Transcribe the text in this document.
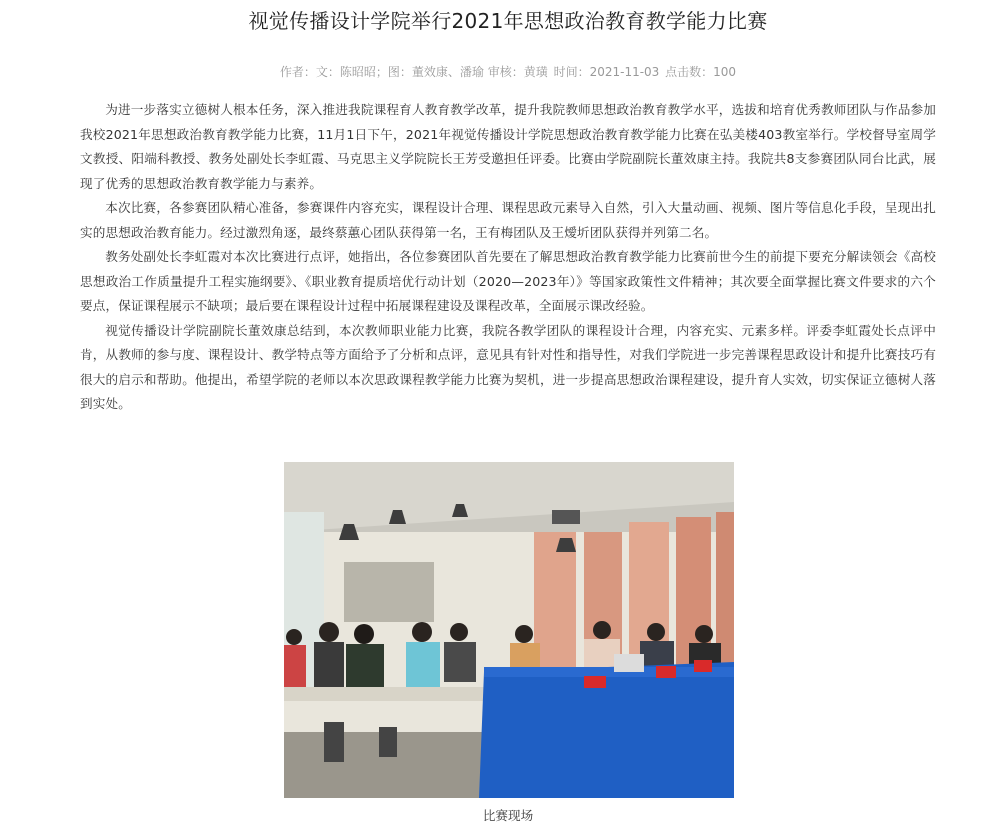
视觉传播设计学院举行2021年思想政治教育教学能力比赛
作者：文：陈昭昭；图：董效康、潘瑜 审核：黄璜 时间：2021-11-03 点击数：100

为进一步落实立德树人根本任务，深入推进我院课程育人教育教学改革，提升我院教师思想政治教育教学水平，选拔和培育优秀教师团队与作品参加我校2021年思想政治教育教学能力比赛，11月1日下午，2021年视觉传播设计学院思想政治教育教学能力比赛在弘美楼403教室举行。学校督导室周学文教授、阳端科教授、教务处副处长李虹霞、马克思主义学院院长王芳受邀担任评委。比赛由学院副院长董效康主持。我院共8支参赛团队同台比武，展现了优秀的思想政治教育教学能力与素养。

本次比赛，各参赛团队精心准备，参赛课件内容充实，课程设计合理、课程思政元素导入自然，引入大量动画、视频、图片等信息化手段，呈现出扎实的思想政治教育能力。经过激烈角逐，最终蔡蕙心团队获得第一名，王有梅团队及王燰圻团队获得并列第二名。

教务处副处长李虹霞对本次比赛进行点评，她指出，各位参赛团队首先要在了解思想政治教育教学能力比赛前世今生的前提下要充分解读领会《高校思想政治工作质量提升工程实施纲要》、《职业教育提质培优行动计划（2020—2023年）》等国家政策性文件精神；其次要全面掌握比赛文件要求的六个要点，保证课程展示不缺项；最后要在课程设计过程中拓展课程建设及课程改革，全面展示课改经验。

视觉传播设计学院副院长董效康总结到，本次教师职业能力比赛，我院各教学团队的课程设计合理，内容充实、元素多样。评委李虹霞处长点评中肯，从教师的参与度、课程设计、教学特点等方面给予了分析和点评，意见具有针对性和指导性，对我们学院进一步完善课程思政设计和提升比赛技巧有很大的启示和帮助。他提出，希望学院的老师以本次思政课程教学能力比赛为契机，进一步提高思想政治课程建设，提升育人实效，切实保证立德树人落到实处。

比赛现场
